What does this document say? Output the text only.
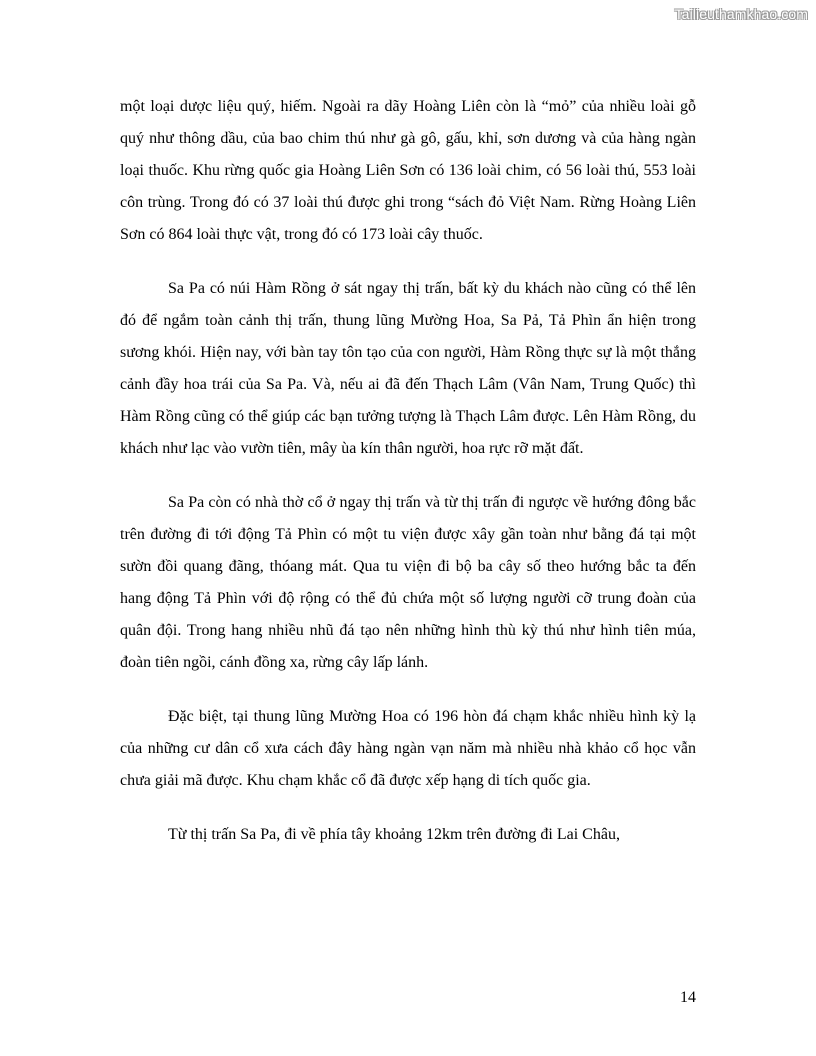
Tailieuthamkhao.com

một loại dược liệu quý, hiếm. Ngoài ra dãy Hoàng Liên còn là “mỏ” của nhiều loài gỗ quý như thông dầu, của bao chim thú như gà gô, gấu, khỉ, sơn dương và của hàng ngàn loại thuốc. Khu rừng quốc gia Hoàng Liên Sơn có 136 loài chim, có 56 loài thú, 553 loài côn trùng. Trong đó có 37 loài thú được ghi trong “sách đỏ Việt Nam. Rừng Hoàng Liên Sơn có 864 loài thực vật, trong đó có 173 loài cây thuốc.

Sa Pa có núi Hàm Rồng ở sát ngay thị trấn, bất kỳ du khách nào cũng có thể lên đó để ngắm toàn cảnh thị trấn, thung lũng Mường Hoa, Sa Pả, Tả Phìn ẩn hiện trong sương khói. Hiện nay, với bàn tay tôn tạo của con người, Hàm Rồng thực sự là một thắng cảnh đầy hoa trái của Sa Pa. Và, nếu ai đã đến Thạch Lâm (Vân Nam, Trung Quốc) thì Hàm Rồng cũng có thể giúp các bạn tưởng tượng là Thạch Lâm được. Lên Hàm Rồng, du khách như lạc vào vườn tiên, mây ùa kín thân người, hoa rực rỡ mặt đất.

Sa Pa còn có nhà thờ cổ ở ngay thị trấn và từ thị trấn đi ngược về hướng đông bắc trên đường đi tới động Tả Phìn có một tu viện được xây gần toàn như bằng đá tại một sườn đồi quang đãng, thóang mát. Qua tu viện đi bộ ba cây số theo hướng bắc ta đến hang động Tả Phìn với độ rộng có thể đủ chứa một số lượng người cỡ trung đoàn của quân đội. Trong hang nhiều nhũ đá tạo nên những hình thù kỳ thú như hình tiên múa, đoàn tiên ngồi, cánh đồng xa, rừng cây lấp lánh.

Đặc biệt, tại thung lũng Mường Hoa có 196 hòn đá chạm khắc nhiều hình kỳ lạ của những cư dân cổ xưa cách đây hàng ngàn vạn năm mà nhiều nhà khảo cổ học vẫn chưa giải mã được. Khu chạm khắc cổ đã được xếp hạng di tích quốc gia.

Từ thị trấn Sa Pa, đi về phía tây khoảng 12km trên đường đi Lai Châu,

14
